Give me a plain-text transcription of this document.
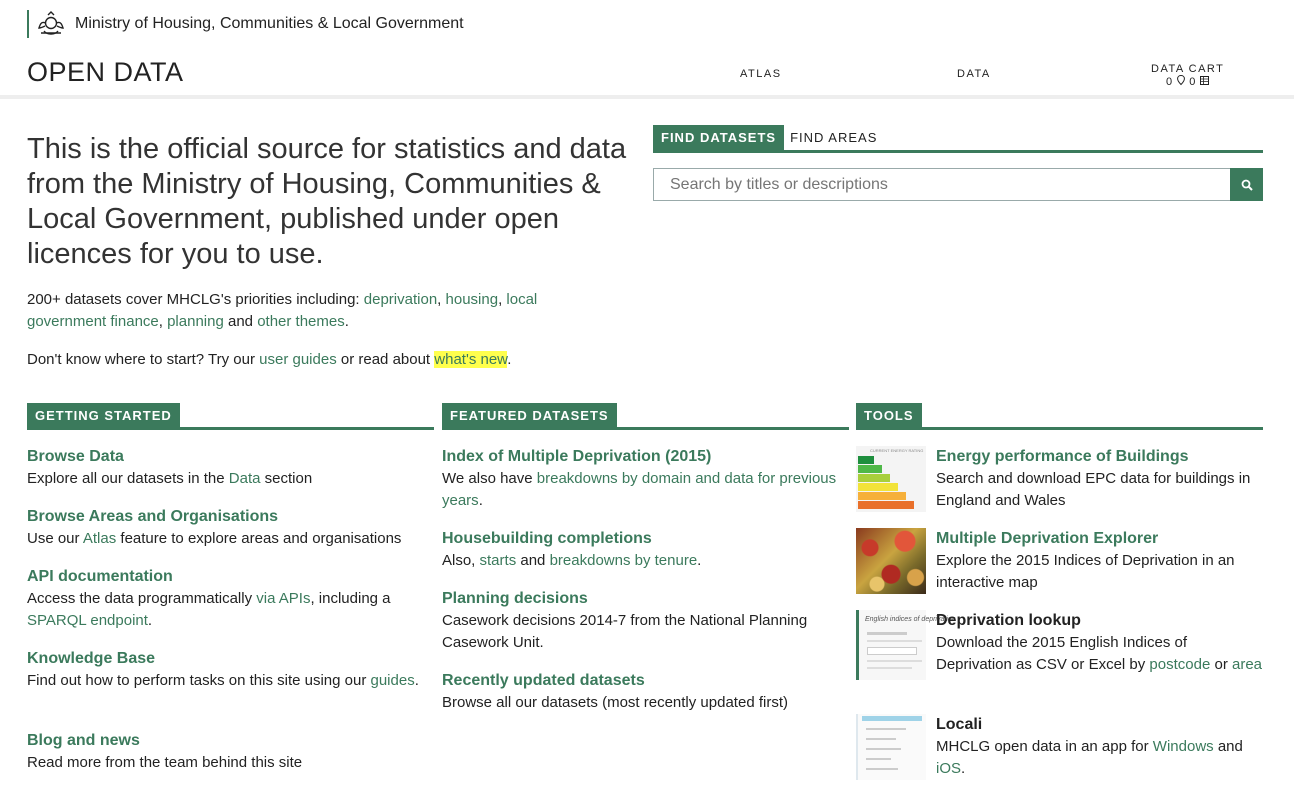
Ministry of Housing, Communities & Local Government
OPEN DATA	ATLAS	DATA	DATA CART
0 0
This is the official source for statistics and data from the Ministry of Housing, Communities & Local Government, published under open licences for you to use.

200+ datasets cover MHCLG's priorities including: deprivation, housing, local government finance, planning and other themes.

Don't know where to start? Try our user guides or read about what's new.

FIND DATASETS	FIND AREAS
Search by titles or descriptions
GETTING STARTED
Browse Data
Explore all our datasets in the Data section
Browse Areas and Organisations
Use our Atlas feature to explore areas and organisations
API documentation
Access the data programmatically via APIs, including a SPARQL endpoint.
Knowledge Base
Find out how to perform tasks on this site using our guides.
Blog and news
Read more from the team behind this site
FEATURED DATASETS
Index of Multiple Deprivation (2015)
We also have breakdowns by domain and data for previous years.
Housebuilding completions
Also, starts and breakdowns by tenure.
Planning decisions
Casework decisions 2014-7 from the National Planning Casework Unit.
Recently updated datasets
Browse all our datasets (most recently updated first)
TOOLS
CURRENT ENERGY RATING Energy performance of Buildings
Search and download EPC data for buildings in England and Wales
Multiple Deprivation Explorer
Explore the 2015 Indices of Deprivation in an interactive map
English indices of deprivation
Deprivation lookup
Download the 2015 English Indices of Deprivation as CSV or Excel by postcode or area
Locali
MHCLG open data in an app for Windows and iOS.
